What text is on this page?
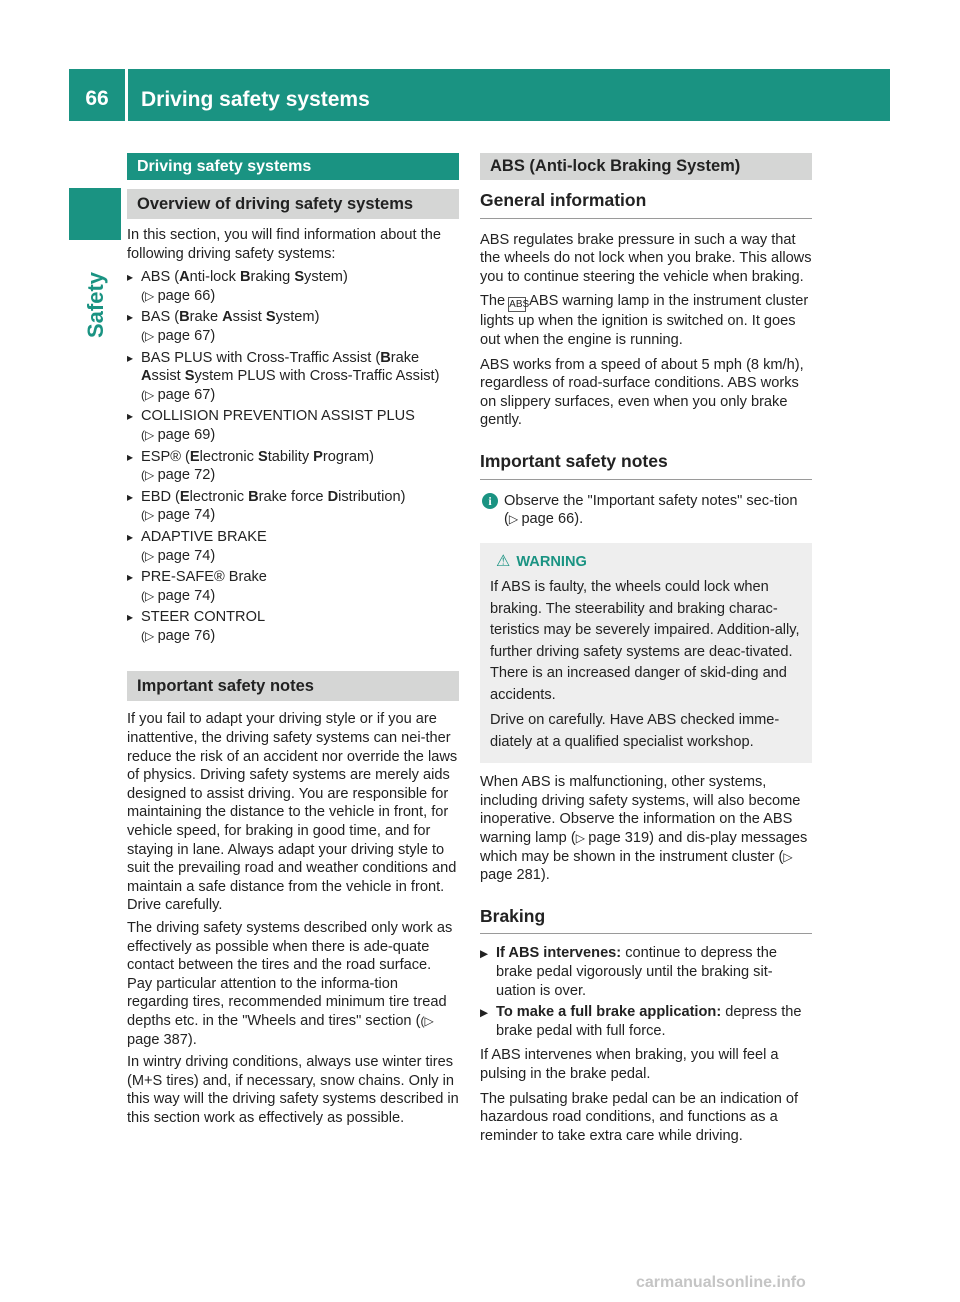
66	Driving safety systems
Safety
Driving safety systems
Overview of driving safety systems

In this section, you will find information about the following driving safety systems:

▸ ABS (Anti-lock Braking System)
(▷ page 66)
▸ BAS (Brake Assist System)
(▷ page 67)
▸ BAS PLUS with Cross-Traffic Assist (Brake Assist System PLUS with Cross-Traffic Assist)
(▷ page 67)
▸ COLLISION PREVENTION ASSIST PLUS
(▷ page 69)
▸ ESP® (Electronic Stability Program)
(▷ page 72)
▸ EBD (Electronic Brake force Distribution)
(▷ page 74)
▸ ADAPTIVE BRAKE
(▷ page 74)
▸ PRE-SAFE® Brake
(▷ page 74)
▸ STEER CONTROL
(▷ page 76)
Important safety notes

If you fail to adapt your driving style or if you are inattentive, the driving safety systems can nei-ther reduce the risk of an accident nor override the laws of physics. Driving safety systems are merely aids designed to assist driving. You are responsible for maintaining the distance to the vehicle in front, for vehicle speed, for braking in good time, and for staying in lane. Always adapt your driving style to suit the prevailing road and weather conditions and maintain a safe distance from the vehicle in front. Drive carefully.

The driving safety systems described only work as effectively as possible when there is ade-quate contact between the tires and the road surface. Pay particular attention to the informa-tion regarding tires, recommended minimum tire tread depths etc. in the "Wheels and tires" section ((▷ page 387).

In wintry driving conditions, always use winter tires (M+S tires) and, if necessary, snow chains. Only in this way will the driving safety systems described in this section work as effectively as possible.

ABS (Anti-lock Braking System)
General information

ABS regulates brake pressure in such a way that the wheels do not lock when you brake. This allows you to continue steering the vehicle when braking.

The ABSABS warning lamp in the instrument cluster lights up when the ignition is switched on. It goes out when the engine is running.

ABS works from a speed of about 5 mph (8 km/h), regardless of road-surface conditions. ABS works on slippery surfaces, even when you only brake gently.

Important safety notes
i Observe the "Important safety notes" sec-tion (▷ page 66).
⚠ WARNING

If ABS is faulty, the wheels could lock when braking. The steerability and braking charac-teristics may be severely impaired. Addition-ally, further driving safety systems are deac-tivated. There is an increased danger of skid-ding and accidents.

Drive on carefully. Have ABS checked imme-diately at a qualified specialist workshop.

When ABS is malfunctioning, other systems, including driving safety systems, will also become inoperative. Observe the information on the ABS warning lamp (▷ page 319) and dis-play messages which may be shown in the instrument cluster (▷ page 281).

Braking
▶ If ABS intervenes: continue to depress the brake pedal vigorously until the braking sit-uation is over.
▶ To make a full brake application: depress the brake pedal with full force.

If ABS intervenes when braking, you will feel a pulsing in the brake pedal.

The pulsating brake pedal can be an indication of hazardous road conditions, and functions as a reminder to take extra care while driving.

carmanualsonline.info
